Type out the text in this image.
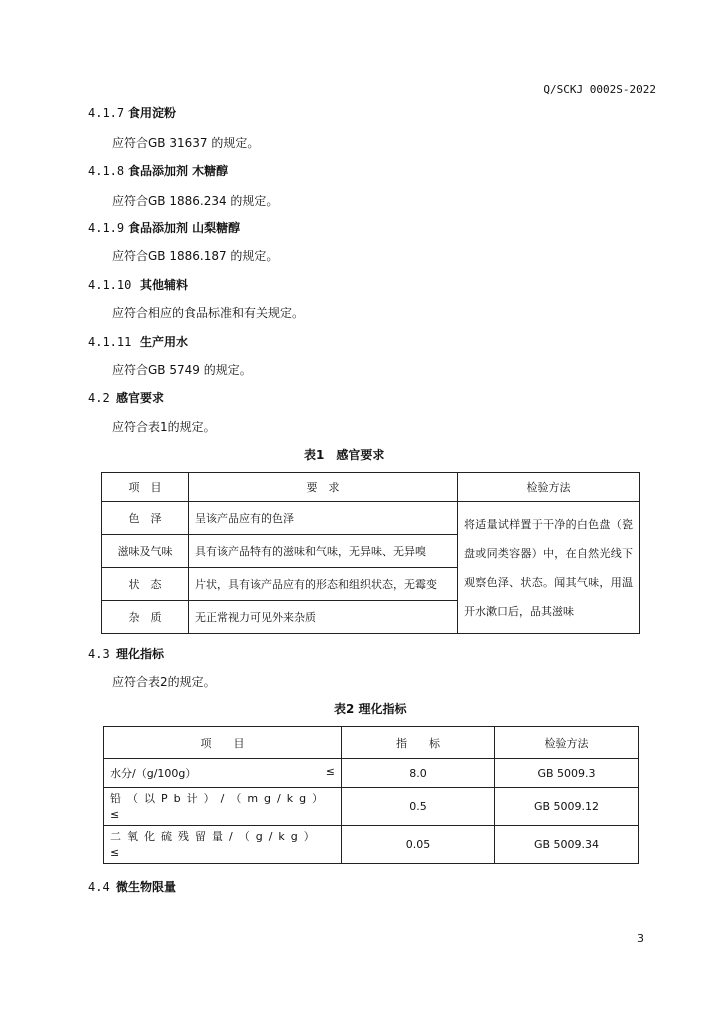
Q/SCKJ 0002S-2022
4.1.7 食用淀粉
应符合GB 31637 的规定。
4.1.8 食品添加剂 木糖醇
应符合GB 1886.234 的规定。
4.1.9 食品添加剂 山梨糖醇
应符合GB 1886.187 的规定。
4.1.10 其他辅料
应符合相应的食品标准和有关规定。
4.1.11 生产用水
应符合GB 5749 的规定。
4.2 感官要求
应符合表1的规定。
表1　感官要求
项　目	要　求	检验方法
色　泽	呈该产品应有的色泽	将适量试样置于干净的白色盘（瓷盘或同类容器）中，在自然光线下观察色泽、状态。闻其气味，用温开水漱口后，品其滋味
滋味及气味	具有该产品特有的滋味和气味，无异味、无异嗅	
状　态	片状，具有该产品应有的形态和组织状态，无霉变	
杂　质	无正常视力可见外来杂质	
4.3 理化指标
应符合表2的规定。
表2 理化指标
项　　目	指　　标	检验方法

水分/（g/100g） ≤	8.0	GB 5009.3

铅（以Pb计）/（mg/kg）
≤	0.5	GB 5009.12

二氧化硫残留量/（g/kg）
≤	0.05	GB 5009.34
4.4 微生物限量
3
